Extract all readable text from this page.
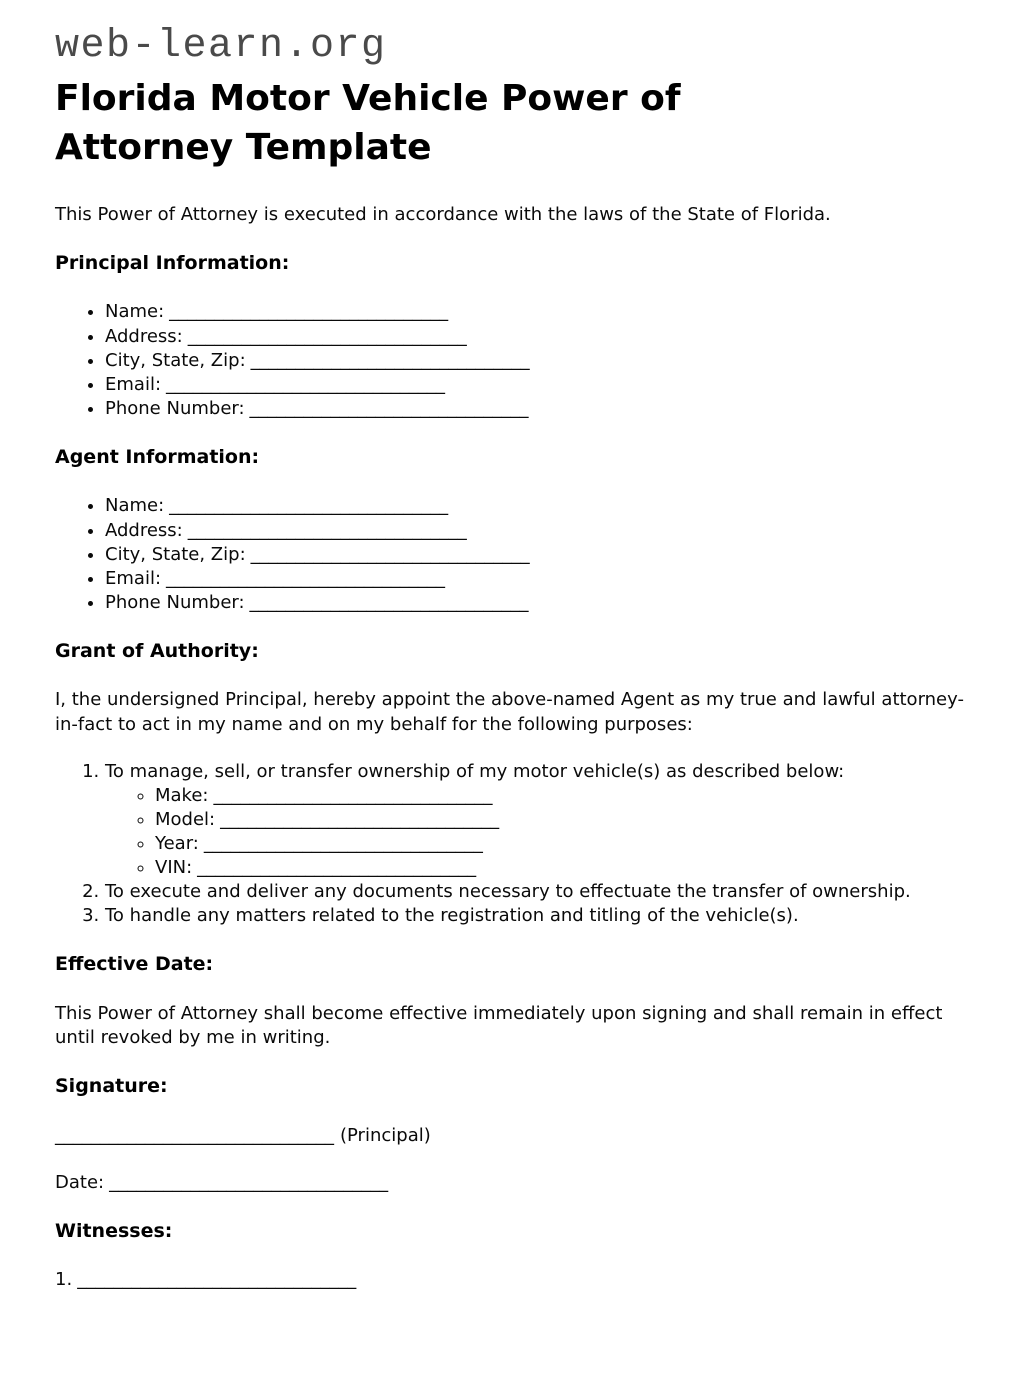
web-learn.org

Florida Motor Vehicle Power of Attorney Template

This Power of Attorney is executed in accordance with the laws of the State of Florida.

Principal Information:

• Name: _______________________________
• Address: _______________________________
• City, State, Zip: _______________________________
• Email: _______________________________
• Phone Number: _______________________________

Agent Information:

• Name: _______________________________
• Address: _______________________________
• City, State, Zip: _______________________________
• Email: _______________________________
• Phone Number: _______________________________

Grant of Authority:

I, the undersigned Principal, hereby appoint the above-named Agent as my true and lawful attorney-in-fact to act in my name and on my behalf for the following purposes:

1. To manage, sell, or transfer ownership of my motor vehicle(s) as described below:
◦ Make: _______________________________
◦ Model: _______________________________
◦ Year: _______________________________
◦ VIN: _______________________________
2. To execute and deliver any documents necessary to effectuate the transfer of ownership.
3. To handle any matters related to the registration and titling of the vehicle(s).

Effective Date:

This Power of Attorney shall become effective immediately upon signing and shall remain in effect until revoked by me in writing.

Signature:

_______________________________ (Principal)

Date: _______________________________

Witnesses:

1. _______________________________
